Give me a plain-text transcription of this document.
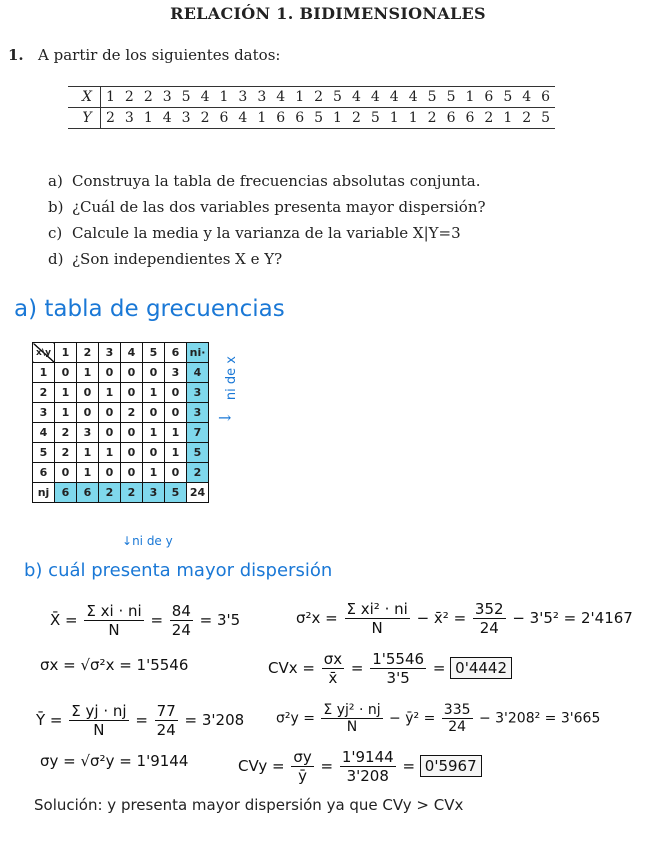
RELACIÓN 1. BIDIMENSIONALES
1. A partir de los siguientes datos:
X	1	2	2	3	5	4	1	3	3	4	1	2	5	4	4	4	4	5	5	1	6	5	4	6
Y	2	3	1	4	3	2	6	4	1	6	6	5	1	2	5	1	1	2	6	6	2	1	2	5
a) Construya la tabla de frecuencias absolutas conjunta.
b) ¿Cuál de las dos variables presenta mayor dispersión?
c) Calcule la media y la varianza de la variable X|Y=3
d) ¿Son independientes X e Y?
a) tabla de grecuencias
x\y	1	2	3	4	5	6	ni·
1	0	1	0	0	0	3	4
2	1	0	1	0	1	0	3
3	1	0	0	2	0	0	3
4	2	3	0	0	1	1	7
5	2	1	1	0	0	1	5
6	0	1	0	0	1	0	2
nj	6	6	2	2	3	5	24
ni de x
→
↓ni de y
b) cuál presenta mayor dispersión
X̄ = $\frac{\text{Σ xi · ni}}{N} = \frac{84}{24} = 3'5$	$\sigma^2x = \frac{\text{Σ xi² · ni}}{N}$ − x̄² = $\frac{352}{24} - 3'5^2 = 2'4167$
σx = √σ²x = 1'5546	CVx = $\frac{\sigma x}{x̄} = \frac{1'5546}{3'5} = 0'4442$
Ȳ = $\frac{\text{Σ yj · nj}}{N} = \frac{77}{24} = 3'208$ $\sigma^2y = \frac{\text{Σ yj² · nj}}{N}$ − ȳ² = $\frac{335}{24} - 3'208^2 = 3'665$
σy = √σ²y = 1'9144	CVy = $\frac{\sigma y}{ȳ} = \frac{1'9144}{3'208} = 0'5967$
Solución: y presenta mayor dispersión ya que CVy > CVx
